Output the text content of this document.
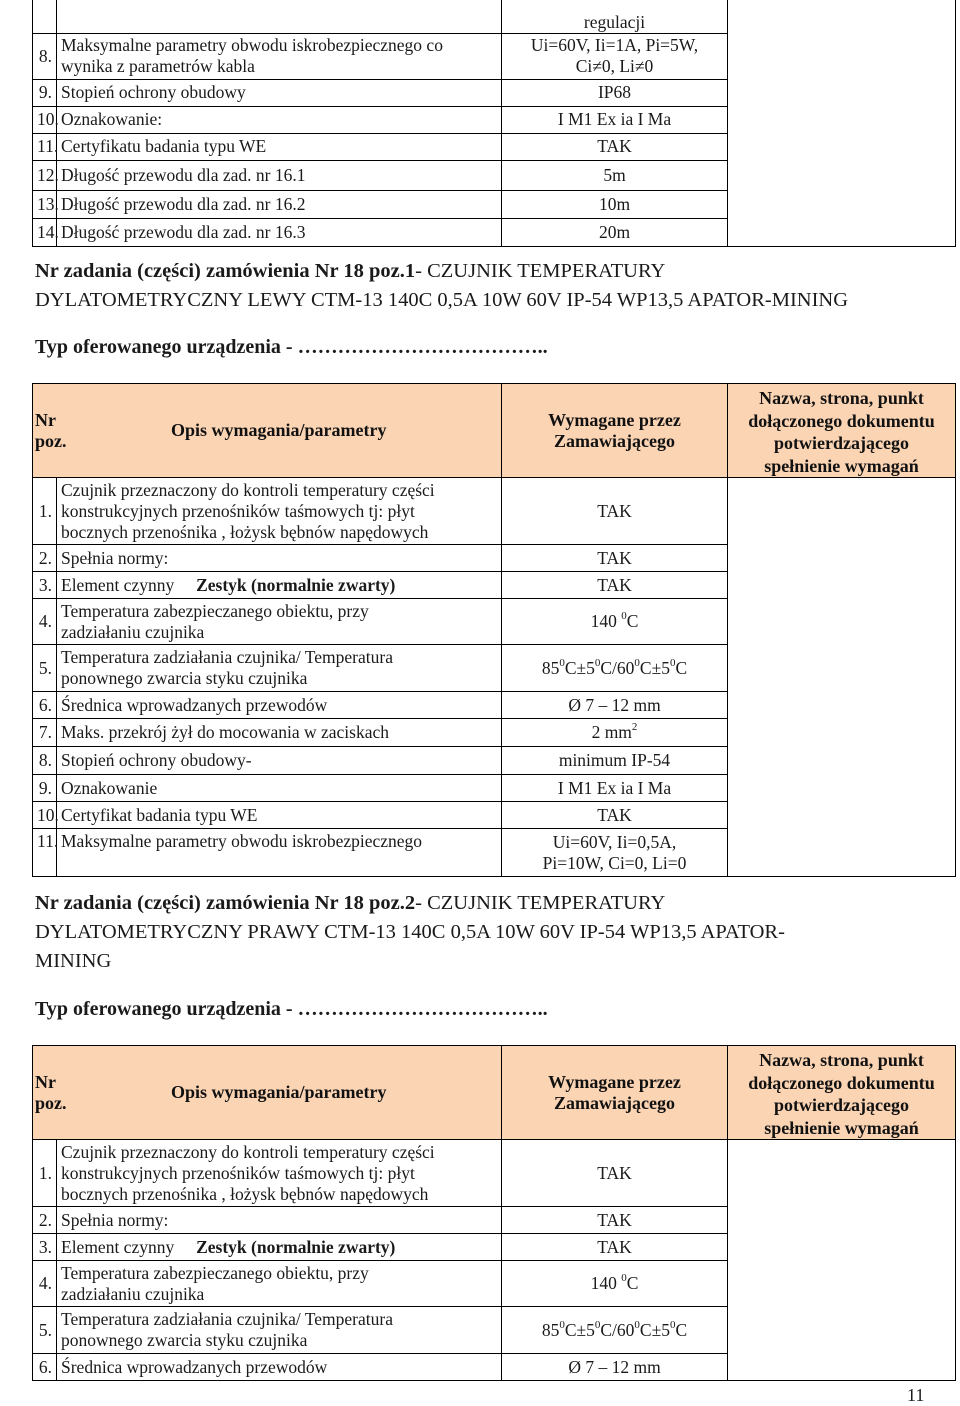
		regulacji	
8.	Maksymalne parametry obwodu iskrobezpiecznego co
wynika z parametrów kabla	Ui=60V, Ii=1A, Pi=5W,
Ci≠0, Li≠0	
9.	Stopień ochrony obudowy	IP68	
10.	Oznakowanie:	I M1 Ex ia I Ma	
11.	Certyfikatu badania typu WE	TAK	
12.	Długość przewodu dla zad. nr 16.1	5m	
13.	Długość przewodu dla zad. nr 16.2	10m	
14.	Długość przewodu dla zad. nr 16.3	20m	
Nr zadania (części) zamówienia Nr 18 poz.1- CZUJNIK TEMPERATURY
DYLATOMETRYCZNY LEWY CTM-13 140C 0,5A 10W 60V IP-54 WP13,5 APATOR-MINING
Typ oferowanego urządzenia - ………………………………..
Nr
poz.	Opis wymagania/parametry	Wymagane przez
Zamawiającego	Nazwa, strona, punkt
dołączonego dokumentu
potwierdzającego
spełnienie wymagań
1.	Czujnik przeznaczony do kontroli temperatury części
konstrukcyjnych przenośników taśmowych tj: płyt
bocznych przenośnika , łożysk bębnów napędowych	TAK	
2.	Spełnia normy:	TAK	
3.	Element czynny Zestyk (normalnie zwarty)	TAK	
4.	Temperatura zabezpieczanego obiektu, przy
zadziałaniu czujnika	140 $^0$C	
5.	Temperatura zadziałania czujnika/ Temperatura
ponownego zwarcia styku czujnika	$85^0C\pm 5^0C/60^0C\pm 5^0C$	
6.	Średnica wprowadzanych przewodów	Ø 7 – 12 mm	
7.	Maks. przekrój żył do mocowania w zaciskach	2 $mm^2$
8.	Stopień ochrony obudowy-	minimum IP-54	
9.	Oznakowanie	I M1 Ex ia I Ma	
10.	Certyfikat badania typu WE	TAK	
11.	Maksymalne parametry obwodu iskrobezpiecznego	Ui=60V, Ii=0,5A,
Pi=10W, Ci=0, Li=0	
Nr zadania (części) zamówienia Nr 18 poz.2- CZUJNIK TEMPERATURY
DYLATOMETRYCZNY PRAWY CTM-13 140C 0,5A 10W 60V IP-54 WP13,5 APATOR-
MINING
Typ oferowanego urządzenia - ………………………………..
Nr
poz.	Opis wymagania/parametry	Wymagane przez
Zamawiającego	Nazwa, strona, punkt
dołączonego dokumentu
potwierdzającego
spełnienie wymagań
1.	Czujnik przeznaczony do kontroli temperatury części
konstrukcyjnych przenośników taśmowych tj: płyt
bocznych przenośnika , łożysk bębnów napędowych	TAK	
2.	Spełnia normy:	TAK	
3.	Element czynny Zestyk (normalnie zwarty)	TAK	
4.	Temperatura zabezpieczanego obiektu, przy
zadziałaniu czujnika	140 $^0$C	
5.	Temperatura zadziałania czujnika/ Temperatura
ponownego zwarcia styku czujnika	$85^0C\pm 5^0C/60^0C\pm 5^0C$	
6.	Średnica wprowadzanych przewodów	Ø 7 – 12 mm	
11
